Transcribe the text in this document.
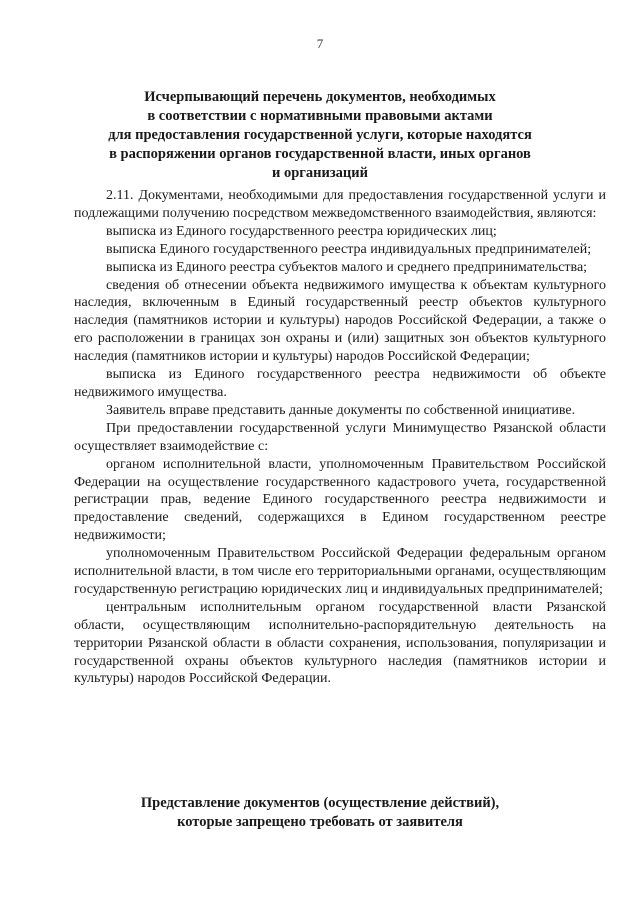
7
Исчерпывающий перечень документов, необходимых
в соответствии с нормативными правовыми актами
для предоставления государственной услуги, которые находятся
в распоряжении органов государственной власти, иных органов
и организаций

2.11. Документами, необходимыми для предоставления государственной услуги и подлежащими получению посредством межведомственного взаимодействия, являются:

выписка из Единого государственного реестра юридических лиц;

выписка Единого государственного реестра индивидуальных предпринимателей;

выписка из Единого реестра субъектов малого и среднего предпринимательства;

сведения об отнесении объекта недвижимого имущества к объектам культурного наследия, включенным в Единый государственный реестр объектов культурного наследия (памятников истории и культуры) народов Российской Федерации, а также о его расположении в границах зон охраны и (или) защитных зон объектов культурного наследия (памятников истории и культуры) народов Российской Федерации;

выписка из Единого государственного реестра недвижимости об объекте недвижимого имущества.

Заявитель вправе представить данные документы по собственной инициативе.

При предоставлении государственной услуги Минимущество Рязанской области осуществляет взаимодействие с:

органом исполнительной власти, уполномоченным Правительством Российской Федерации на осуществление государственного кадастрового учета, государственной регистрации прав, ведение Единого государственного реестра недвижимости и предоставление сведений, содержащихся в Едином государственном реестре недвижимости;

уполномоченным Правительством Российской Федерации федеральным органом исполнительной власти, в том числе его территориальными органами, осуществляющим государственную регистрацию юридических лиц и индивидуальных предпринимателей;

центральным исполнительным органом государственной власти Рязанской области, осуществляющим исполнительно-распорядительную деятельность на территории Рязанской области в области сохранения, использования, популяризации и государственной охраны объектов культурного наследия (памятников истории и культуры) народов Российской Федерации.

Представление документов (осуществление действий),
которые запрещено требовать от заявителя
